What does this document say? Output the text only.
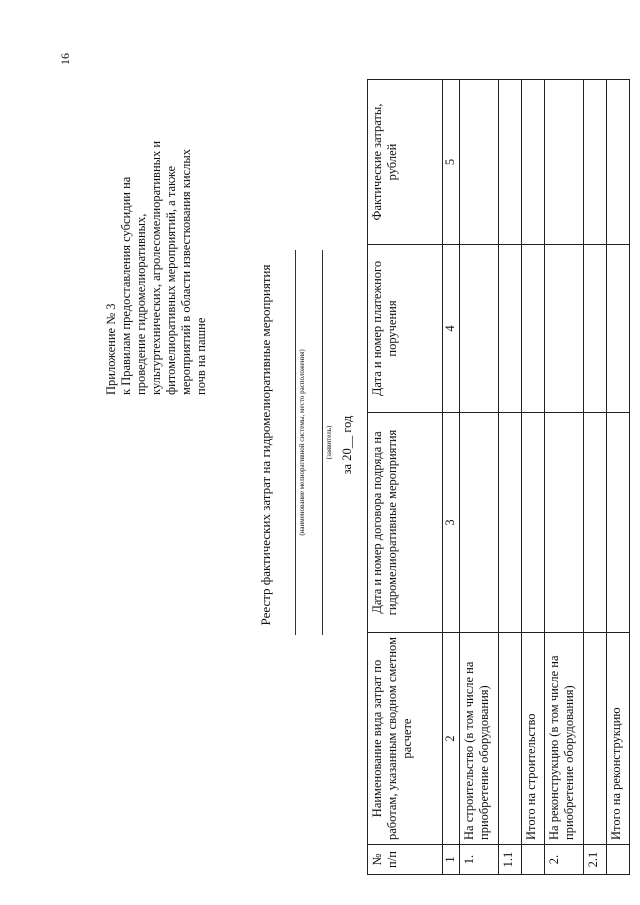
16
Приложение № 3 к Правилам предоставления субсидии на проведение гидромелиоративных, культуртехнических, агролесомелиоративных и фитомелиоративных мероприятий, а также мероприятий в области известкования кислых почв на пашне	Реестр фактических затрат на гидромелиоративные мероприятия	(наименование мелиоративной системы, место расположения)	(заявитель) за 20__ год
№ п/п	Наименование вида затрат по работам, указанным сводном сметном расчете	Дата и номер договора подряда на гидромелиоративные мероприятия	Дата и номер платежного поручения	Фактические затраты, рублей
1	2	3	4	5
1.	На строительство (в том числе на приобретение оборудования)			
1.1				
	Итого на строительство			
2.	На реконструкцию (в том числе на приобретение оборудования)			
2.1				
	Итого на реконструкцию			
